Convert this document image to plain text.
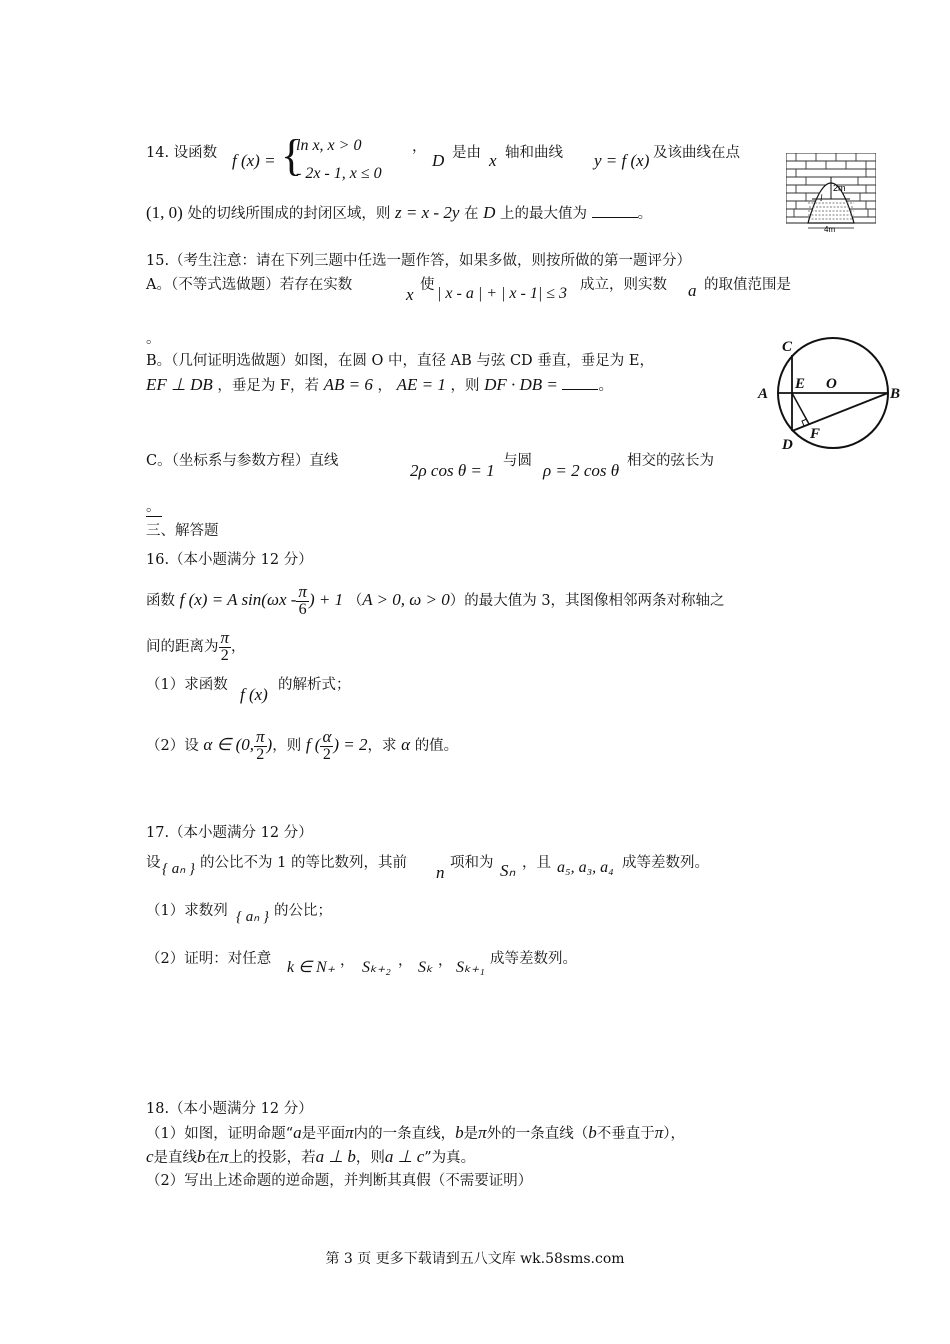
14. 设函数 f (x) = {
ln x, x > 0
- 2x - 1, x ≤ 0
，
D 是由 x 轴和曲线 y = f (x) 及该曲线在点
(1, 0) 处的切线所围成的封闭区域，则 z = x - 2y 在 D 上的最大值为	。
2m
l
4m
15.（考生注意：请在下列三题中任选一题作答，如果多做，则按所做的第一题评分）
A。（不等式选做题）若存在实数	x 使 | x - a | + | x - 1| ≤ 3 成立，则实数 a 的取值范围是
。
B。（几何证明选做题）如图，在圆 O 中，直径 AB 与弦 CD 垂直，垂足为 E，
EF ⊥ DB ，垂足为 F，若 AB = 6 ， AE = 1 ，则 DF · DB =	。
C
A
E O
B
D
F
C。（坐标系与参数方程）直线	2ρ cos θ = 1 与圆 ρ = 2 cos θ 相交的弦长为
。
三、解答题
16.（本小题满分 12 分）
函数 f (x) = A $\sin(\omega x - \frac{\pi}{6}$ ) + 1 （A > 0, ω > 0）的最大值为 3，其图像相邻两条对称轴之
间的距离为 $\frac{\pi}{2}$ ，
（1）求函数 f (x) 的解析式；
（2）设 α ∈ (0, $\frac{\pi}{2}$ )，则 f ( $\frac{\alpha}{2}$ ) = 2，求 α 的值。
17.（本小题满分 12 分）
设 { aₙ } 的公比不为 1 的等比数列，其前 n 项和为 Sₙ ，且 a₅, a₃, a₄ 成等差数列。
（1）求数列 { aₙ } 的公比；
（2）证明：对任意 k ∈ N₊ ， Sₖ₊₂ ， Sₖ ， Sₖ₊₁ 成等差数列。
18.（本小题满分 12 分）
（1）如图，证明命题“a是平面π内的一条直线，b是π外的一条直线（b不垂直于π），
c是直线b在π上的投影，若a ⊥ b，则a ⊥ c”为真。
（2）写出上述命题的逆命题，并判断其真假（不需要证明）
第 3 页 更多下载请到五八文库 wk.58sms.com
